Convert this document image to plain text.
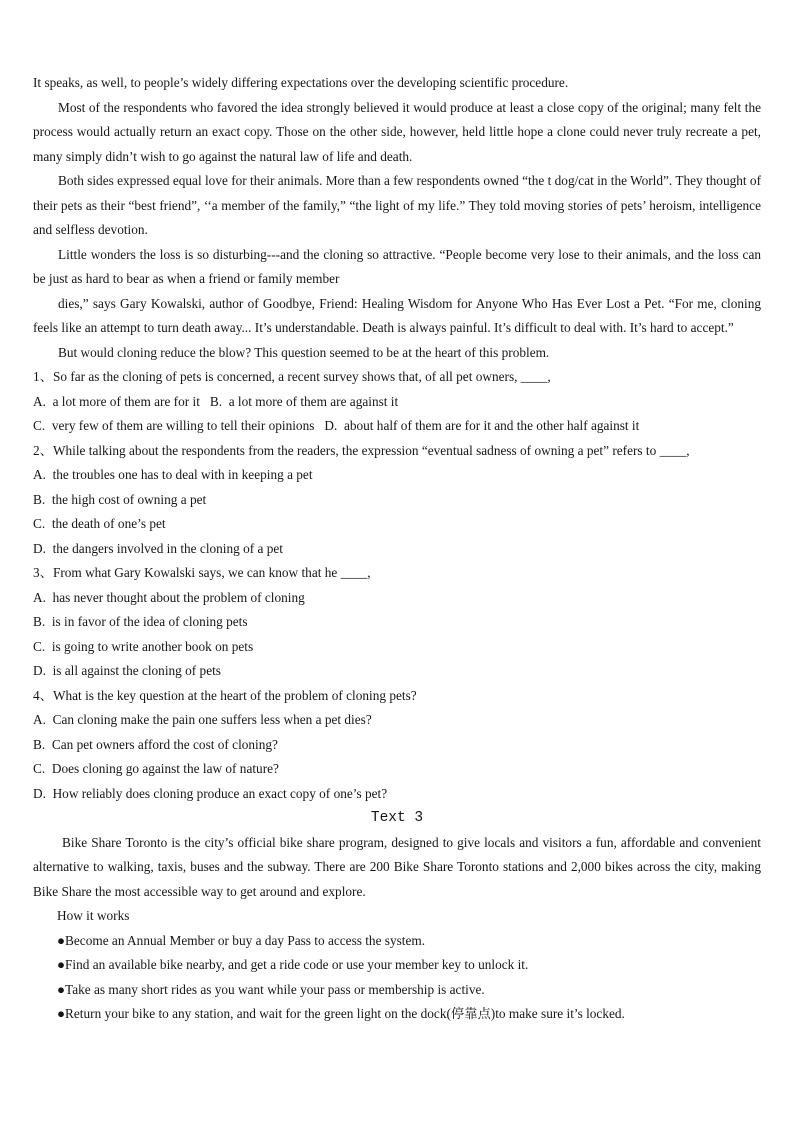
It speaks, as well, to people’s widely differing expectations over the developing scientific procedure.

Most of the respondents who favored the idea strongly believed it would produce at least a close copy of the original; many felt the process would actually return an exact copy. Those on the other side, however, held little hope a clone could never truly recreate a pet, many simply didn’t wish to go against the natural law of life and death.

Both sides expressed equal love for their animals. More than a few respondents owned “the t dog/cat in the World”. They thought of their pets as their “best friend”, ‘‘a member of the family,” “the light of my life.” They told moving stories of pets’ heroism, intelligence and selfless devotion.

Little wonders the loss is so disturbing---and the cloning so attractive. “People become very lose to their animals, and the loss can be just as hard to bear as when a friend or family member

dies,” says Gary Kowalski, author of Goodbye, Friend: Healing Wisdom for Anyone Who Has Ever Lost a Pet. “For me, cloning feels like an attempt to turn death away... It’s understandable. Death is always painful. It’s difficult to deal with. It’s hard to accept.”

But would cloning reduce the blow? This question seemed to be at the heart of this problem.

1、So far as the cloning of pets is concerned, a recent survey shows that, of all pet owners, ____,
A.  a lot more of them are for it   B.  a lot more of them are against it
C.  very few of them are willing to tell their opinions   D.  about half of them are for it and the other half against it
2、While talking about the respondents from the readers, the expression “eventual sadness of owning a pet” refers to ____,
A.  the troubles one has to deal with in keeping a pet
B.  the high cost of owning a pet
C.  the death of one’s pet
D.  the dangers involved in the cloning of a pet
3、From what Gary Kowalski says, we can know that he ____,
A.  has never thought about the problem of cloning
B.  is in favor of the idea of cloning pets
C.  is going to write another book on pets
D.  is all against the cloning of pets
4、What is the key question at the heart of the problem of cloning pets?
A.  Can cloning make the pain one suffers less when a pet dies?
B.  Can pet owners afford the cost of cloning?
C.  Does cloning go against the law of nature?
D.  How reliably does cloning produce an exact copy of one’s pet?
Text 3

Bike Share Toronto is the city’s official bike share program, designed to give locals and visitors a fun, affordable and convenient alternative to walking, taxis, buses and the subway. There are 200 Bike Share Toronto stations and 2,000 bikes across the city, making Bike Share the most accessible way to get around and explore.

How it works
●Become an Annual Member or buy a day Pass to access the system.
●Find an available bike nearby, and get a ride code or use your member key to unlock it.
●Take as many short rides as you want while your pass or membership is active.
●Return your bike to any station, and wait for the green light on the dock(停靠点)to make sure it’s locked.
